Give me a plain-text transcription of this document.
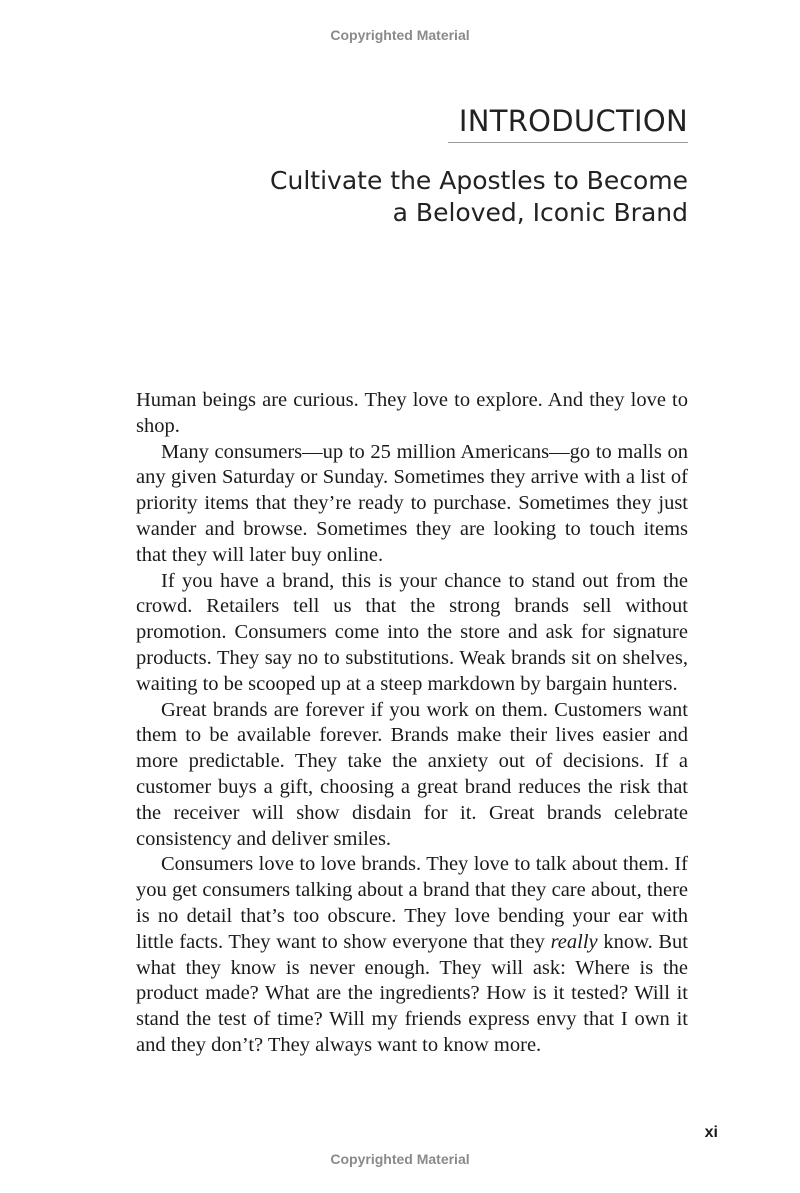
Copyrighted Material
INTRODUCTION
Cultivate the Apostles to Become
a Beloved, Iconic Brand

Human beings are curious. They love to explore. And they love to shop.

Many consumers—up to 25 million Americans—go to malls on any given Saturday or Sunday. Sometimes they arrive with a list of priority items that they’re ready to purchase. Sometimes they just wander and browse. Sometimes they are looking to touch items that they will later buy online.

If you have a brand, this is your chance to stand out from the crowd. Retailers tell us that the strong brands sell without promotion. Consumers come into the store and ask for signature products. They say no to substitutions. Weak brands sit on shelves, waiting to be scooped up at a steep markdown by bargain hunters.

Great brands are forever if you work on them. Customers want them to be available forever. Brands make their lives easier and more predictable. They take the anxiety out of decisions. If a customer buys a gift, choosing a great brand reduces the risk that the receiver will show disdain for it. Great brands celebrate consistency and deliver smiles.

Consumers love to love brands. They love to talk about them. If you get consumers talking about a brand that they care about, there is no detail that’s too obscure. They love bending your ear with little facts. They want to show everyone that they really know. But what they know is never enough. They will ask: Where is the product made? What are the ingredients? How is it tested? Will it stand the test of time? Will my friends express envy that I own it and they don’t? They always want to know more.

xi
Copyrighted Material
